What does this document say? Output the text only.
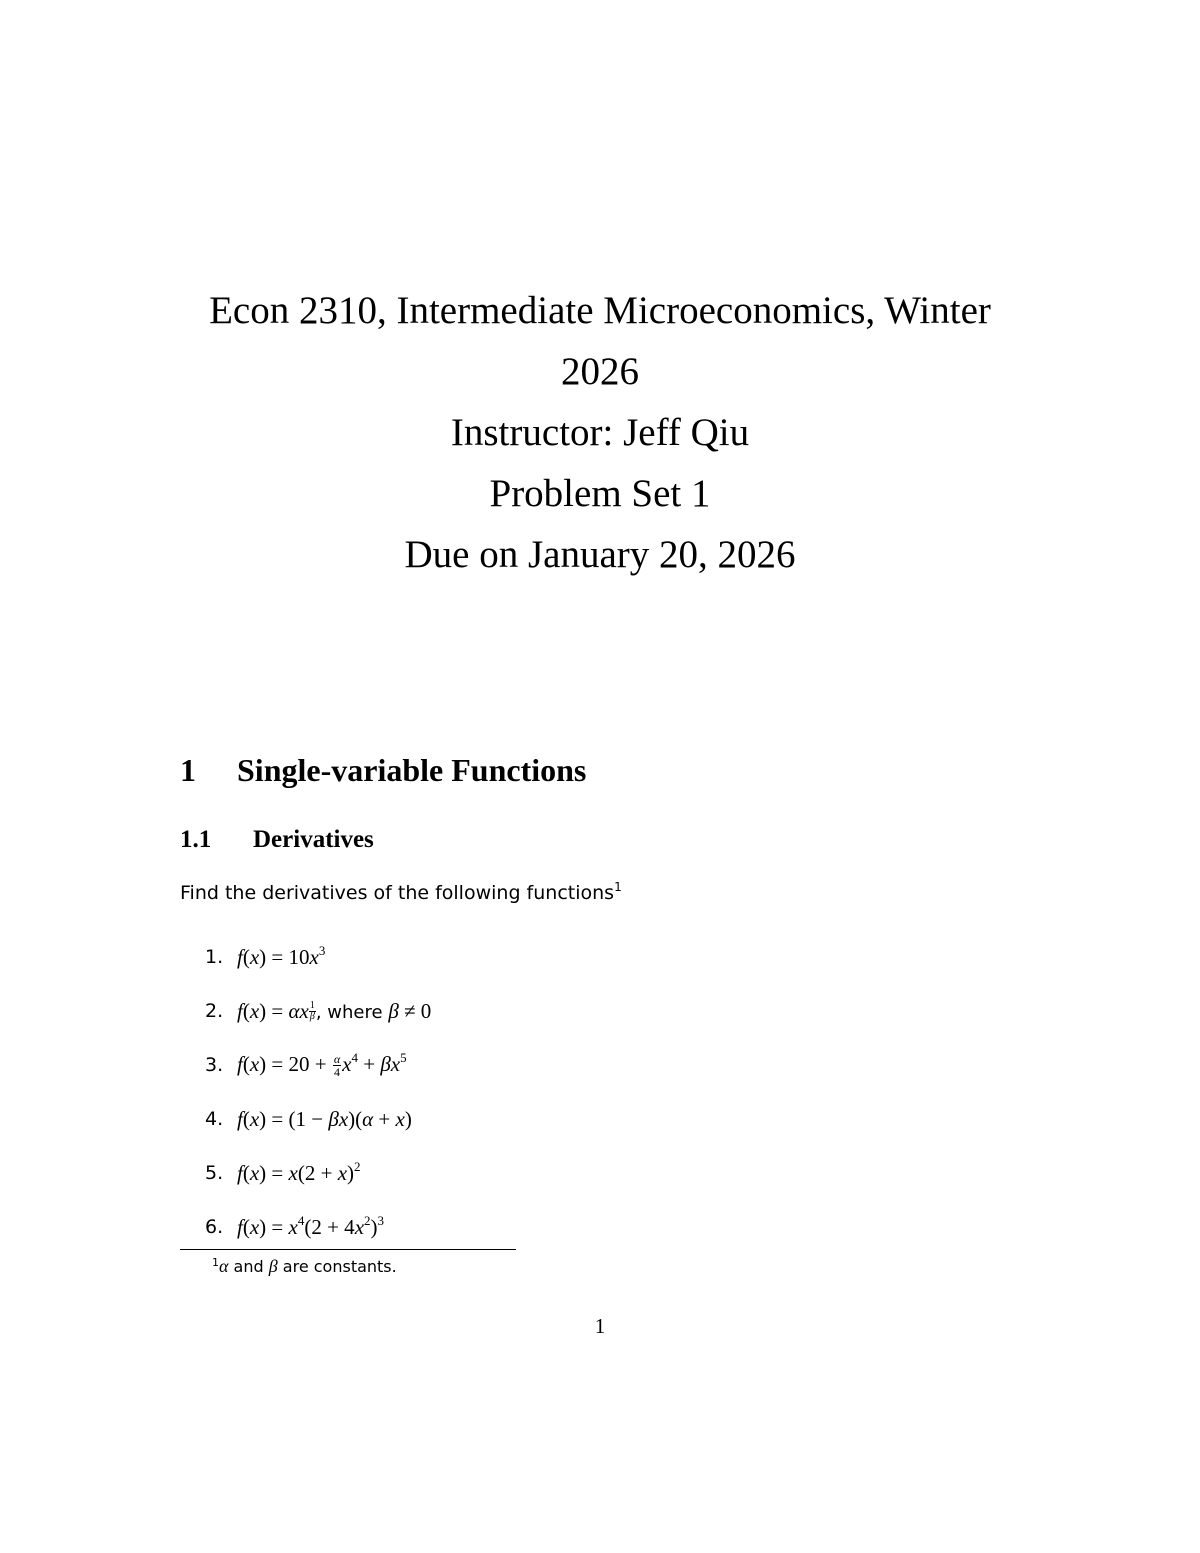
Econ 2310, Intermediate Microeconomics, Winter
2026
Instructor: Jeff Qiu
Problem Set 1
Due on January 20, 2026
1 Single-variable Functions
1.1 Derivatives
Find the derivatives of the following functions$^1$
1. $f(x) = 10x^3$
2. f(x) = αx $\frac{1}{\beta}$ , where β ≠ 0
3. $f(x) = 20 + \frac{\alpha}{4} x^4 + \beta x^5$
4. f(x) = (1 − βx)(α + x)
5. $f(x) = x(2 + x)^2$
6. $f(x) = x^4(2 + 4x^2)^3$
$^1$α and β are constants.
1
